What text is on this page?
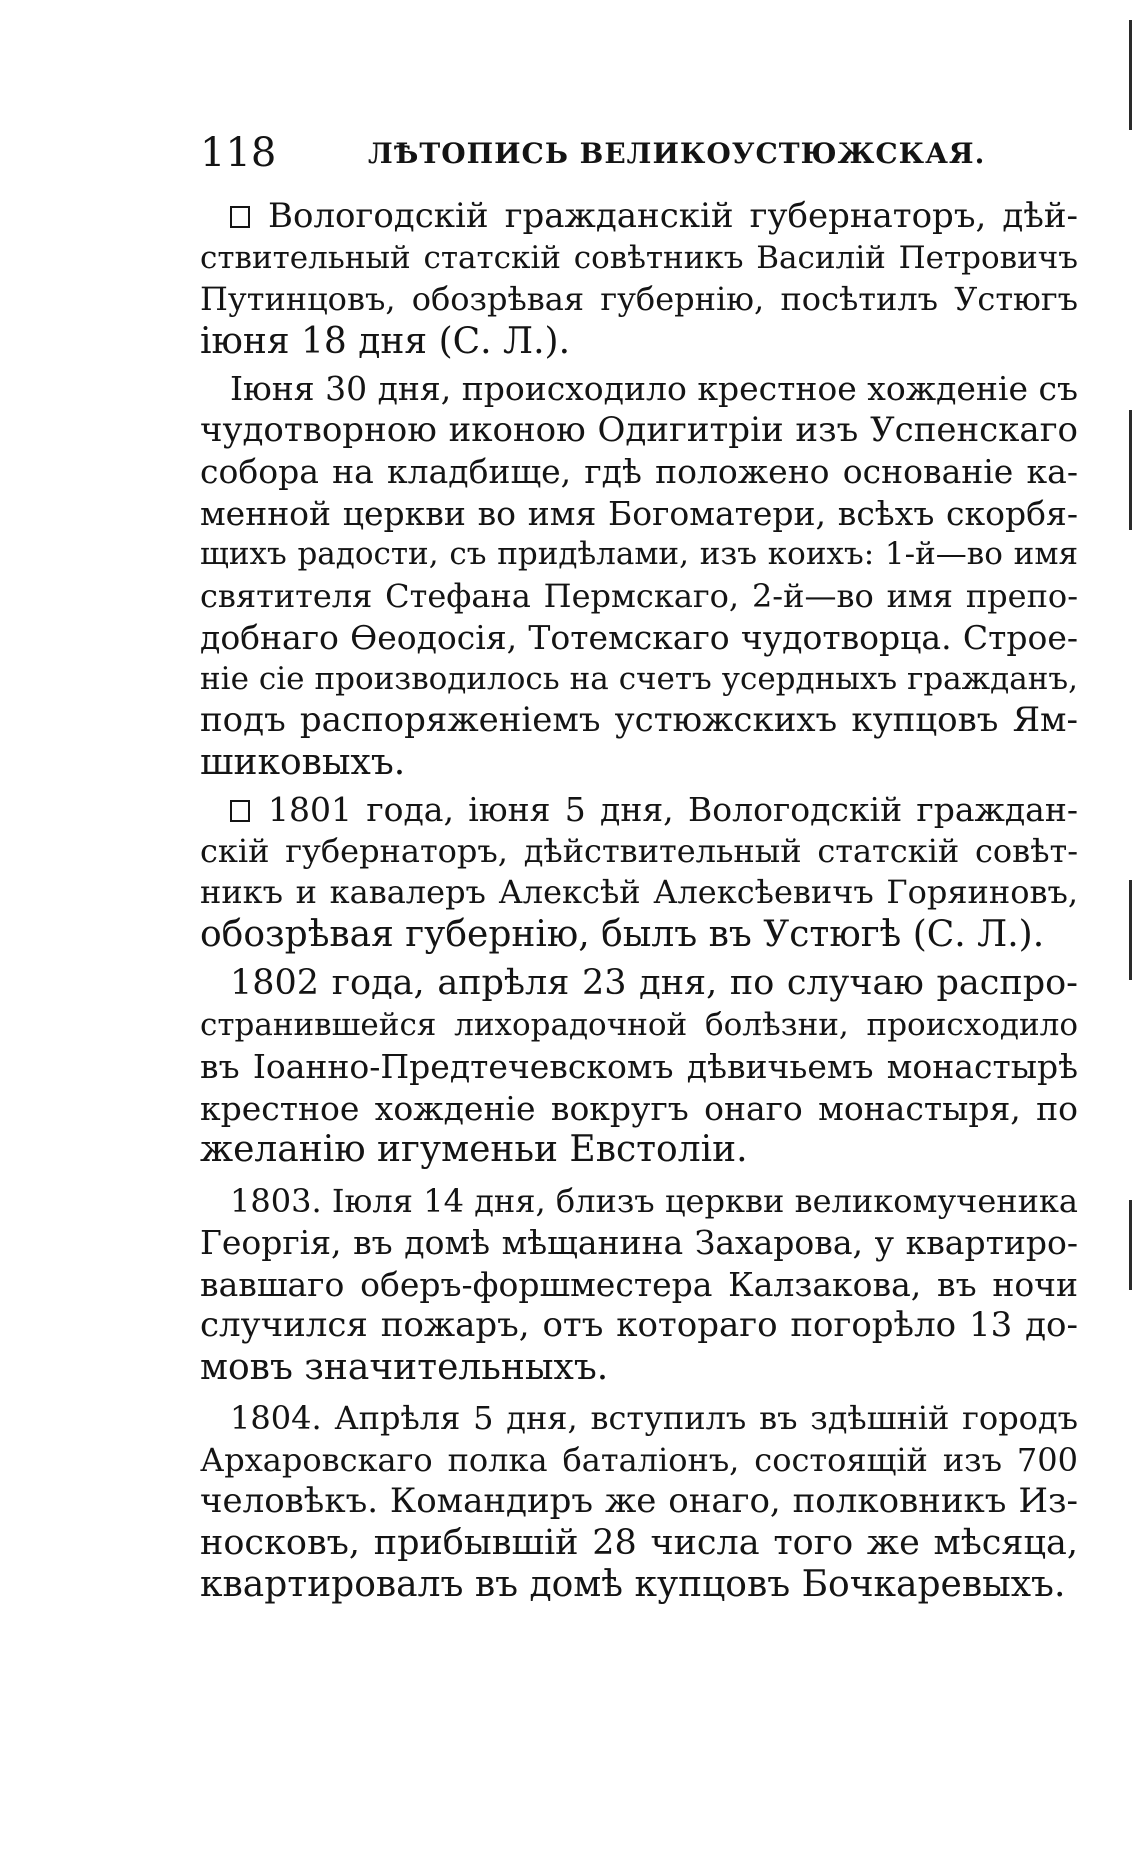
118	ЛѢТОПИСЬ ВЕЛИКОУСТЮЖСКАЯ.
Вологодскій гражданскій губернаторъ, дѣй-
ствительный статскій совѣтникъ Василій Петровичъ
Путинцовъ, обозрѣвая губернію, посѣтилъ Устюгъ
іюня 18 дня (С. Л.).
Іюня 30 дня, происходило крестное хожденіе съ
чудотворною иконою Одигитріи изъ Успенскаго
собора на кладбище, гдѣ положено основаніе ка-
менной церкви во имя Богоматери, всѣхъ скорбя-
щихъ радости, съ придѣлами, изъ коихъ: 1-й—во имя
святителя Стефана Пермскаго, 2-й—во имя препо-
добнаго Өеодосія, Тотемскаго чудотворца. Строе-
ніе сіе производилось на счетъ усердныхъ гражданъ,
подъ распоряженіемъ устюжскихъ купцовъ Ям-
шиковыхъ.
1801 года, іюня 5 дня, Вологодскій граждан-
скій губернаторъ, дѣйствительный статскій совѣт-
никъ и кавалеръ Алексѣй Алексѣевичъ Горяиновъ,
обозрѣвая губернію, былъ въ Устюгѣ (С. Л.).
1802 года, апрѣля 23 дня, по случаю распро-
странившейся лихорадочной болѣзни, происходило
въ Іоанно-Предтечевскомъ дѣвичьемъ монастырѣ
крестное хожденіе вокругъ онаго монастыря, по
желанію игуменьи Евстоліи.
1803. Іюля 14 дня, близъ церкви великомученика
Георгія, въ домѣ мѣщанина Захарова, у квартиро-
вавшаго оберъ-форшместера Калзакова, въ ночи
случился пожаръ, отъ котораго погорѣло 13 до-
мовъ значительныхъ.
1804. Апрѣля 5 дня, вступилъ въ здѣшній городъ
Архаровскаго полка баталіонъ, состоящій изъ 700
человѣкъ. Командиръ же онаго, полковникъ Из-
носковъ, прибывшій 28 числа того же мѣсяца,
квартировалъ въ домѣ купцовъ Бочкаревыхъ.
